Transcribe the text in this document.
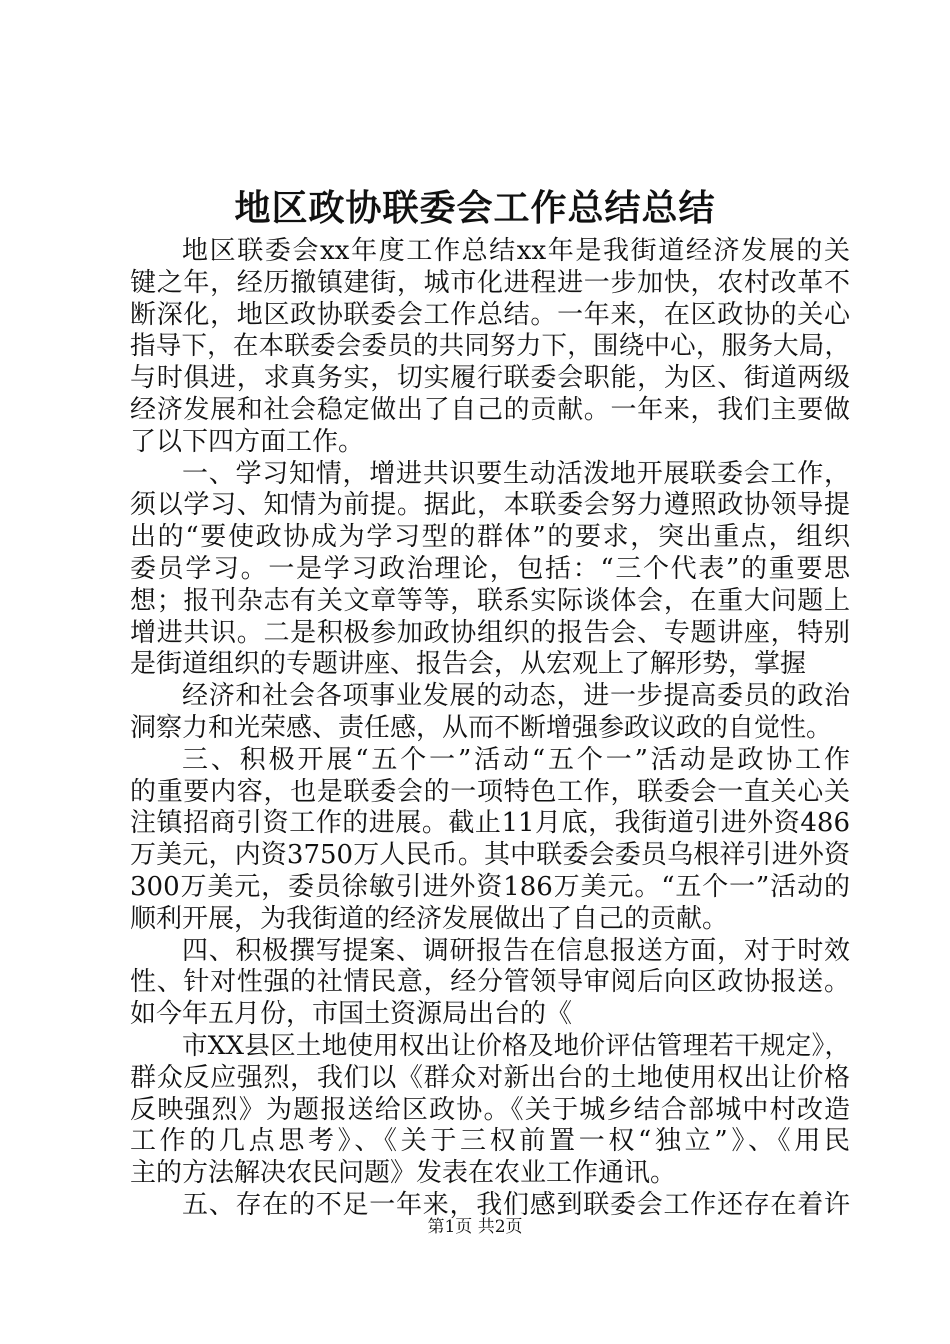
地区政协联委会工作总结总结
地区联委会xx年度工作总结xx年是我街道经济发展的关
键之年，经历撤镇建街，城市化进程进一步加快，农村改革不
断深化，地区政协联委会工作总结。一年来，在区政协的关心
指导下，在本联委会委员的共同努力下，围绕中心，服务大局，
与时俱进，求真务实，切实履行联委会职能，为区、街道两级
经济发展和社会稳定做出了自己的贡献。一年来，我们主要做
了以下四方面工作。
一、学习知情，增进共识要生动活泼地开展联委会工作，
须以学习、知情为前提。据此，本联委会努力遵照政协领导提
出的“要使政协成为学习型的群体”的要求，突出重点，组织
委员学习。一是学习政治理论，包括：“三个代表”的重要思
想；报刊杂志有关文章等等，联系实际谈体会，在重大问题上
增进共识。二是积极参加政协组织的报告会、专题讲座，特别
是街道组织的专题讲座、报告会，从宏观上了解形势，掌握
经济和社会各项事业发展的动态，进一步提高委员的政治
洞察力和光荣感、责任感，从而不断增强参政议政的自觉性。
三、积极开展“五个一”活动“五个一”活动是政协工作
的重要内容，也是联委会的一项特色工作，联委会一直关心关
注镇招商引资工作的进展。截止11月底，我街道引进外资486
万美元，内资3750万人民币。其中联委会委员乌根祥引进外资
300万美元，委员徐敏引进外资186万美元。“五个一”活动的
顺利开展，为我街道的经济发展做出了自己的贡献。
四、积极撰写提案、调研报告在信息报送方面，对于时效
性、针对性强的社情民意，经分管领导审阅后向区政协报送。
如今年五月份，市国土资源局出台的《
市XX县区土地使用权出让价格及地价评估管理若干规定》，
群众反应强烈，我们以《群众对新出台的土地使用权出让价格
反映强烈》为题报送给区政协。《关于城乡结合部城中村改造
工作的几点思考》、《关于三权前置一权“独立”》、《用民
主的方法解决农民问题》发表在农业工作通讯。
五、存在的不足一年来，我们感到联委会工作还存在着许
第1页 共2页
